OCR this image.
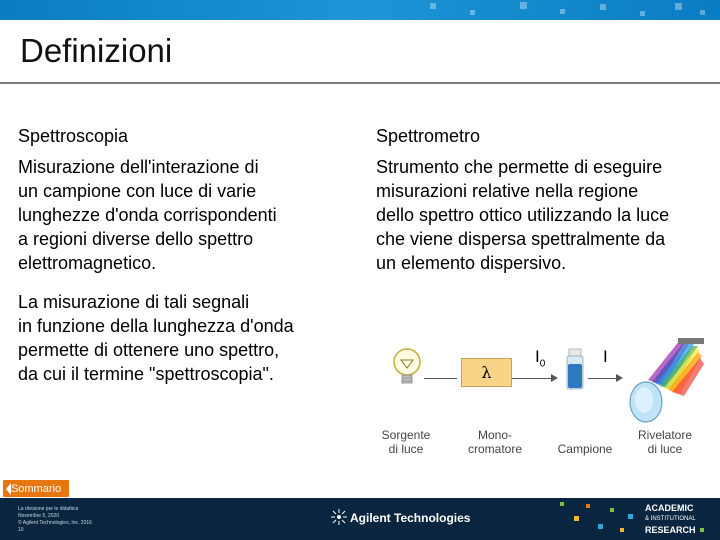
Definizioni
Spettroscopia
Misurazione dell'interazione di
un campione con luce di varie
lunghezze d'onda corrispondenti
a regioni diverse dello spettro
elettromagnetico.
La misurazione di tali segnali
in funzione della lunghezza d'onda
permette di ottenere uno spettro,
da cui il termine "spettroscopia".
Spettrometro
Strumento che permette di eseguire
misurazioni relative nella regione
dello spettro ottico utilizzando la luce
che viene dispersa spettralmente da
un elemento dispersivo.
λ
$I_0$	I
Sorgente
di luce
Mono-
cromatore	Campione
Rivelatore
di luce
La divisione per le didattica
Novembre 5, 2020
© Agilent Technologies, Inc. 2016
10
Agilent Technologies
ACADEMIC
& INSTITUTIONAL
RESEARCH
Sommario
